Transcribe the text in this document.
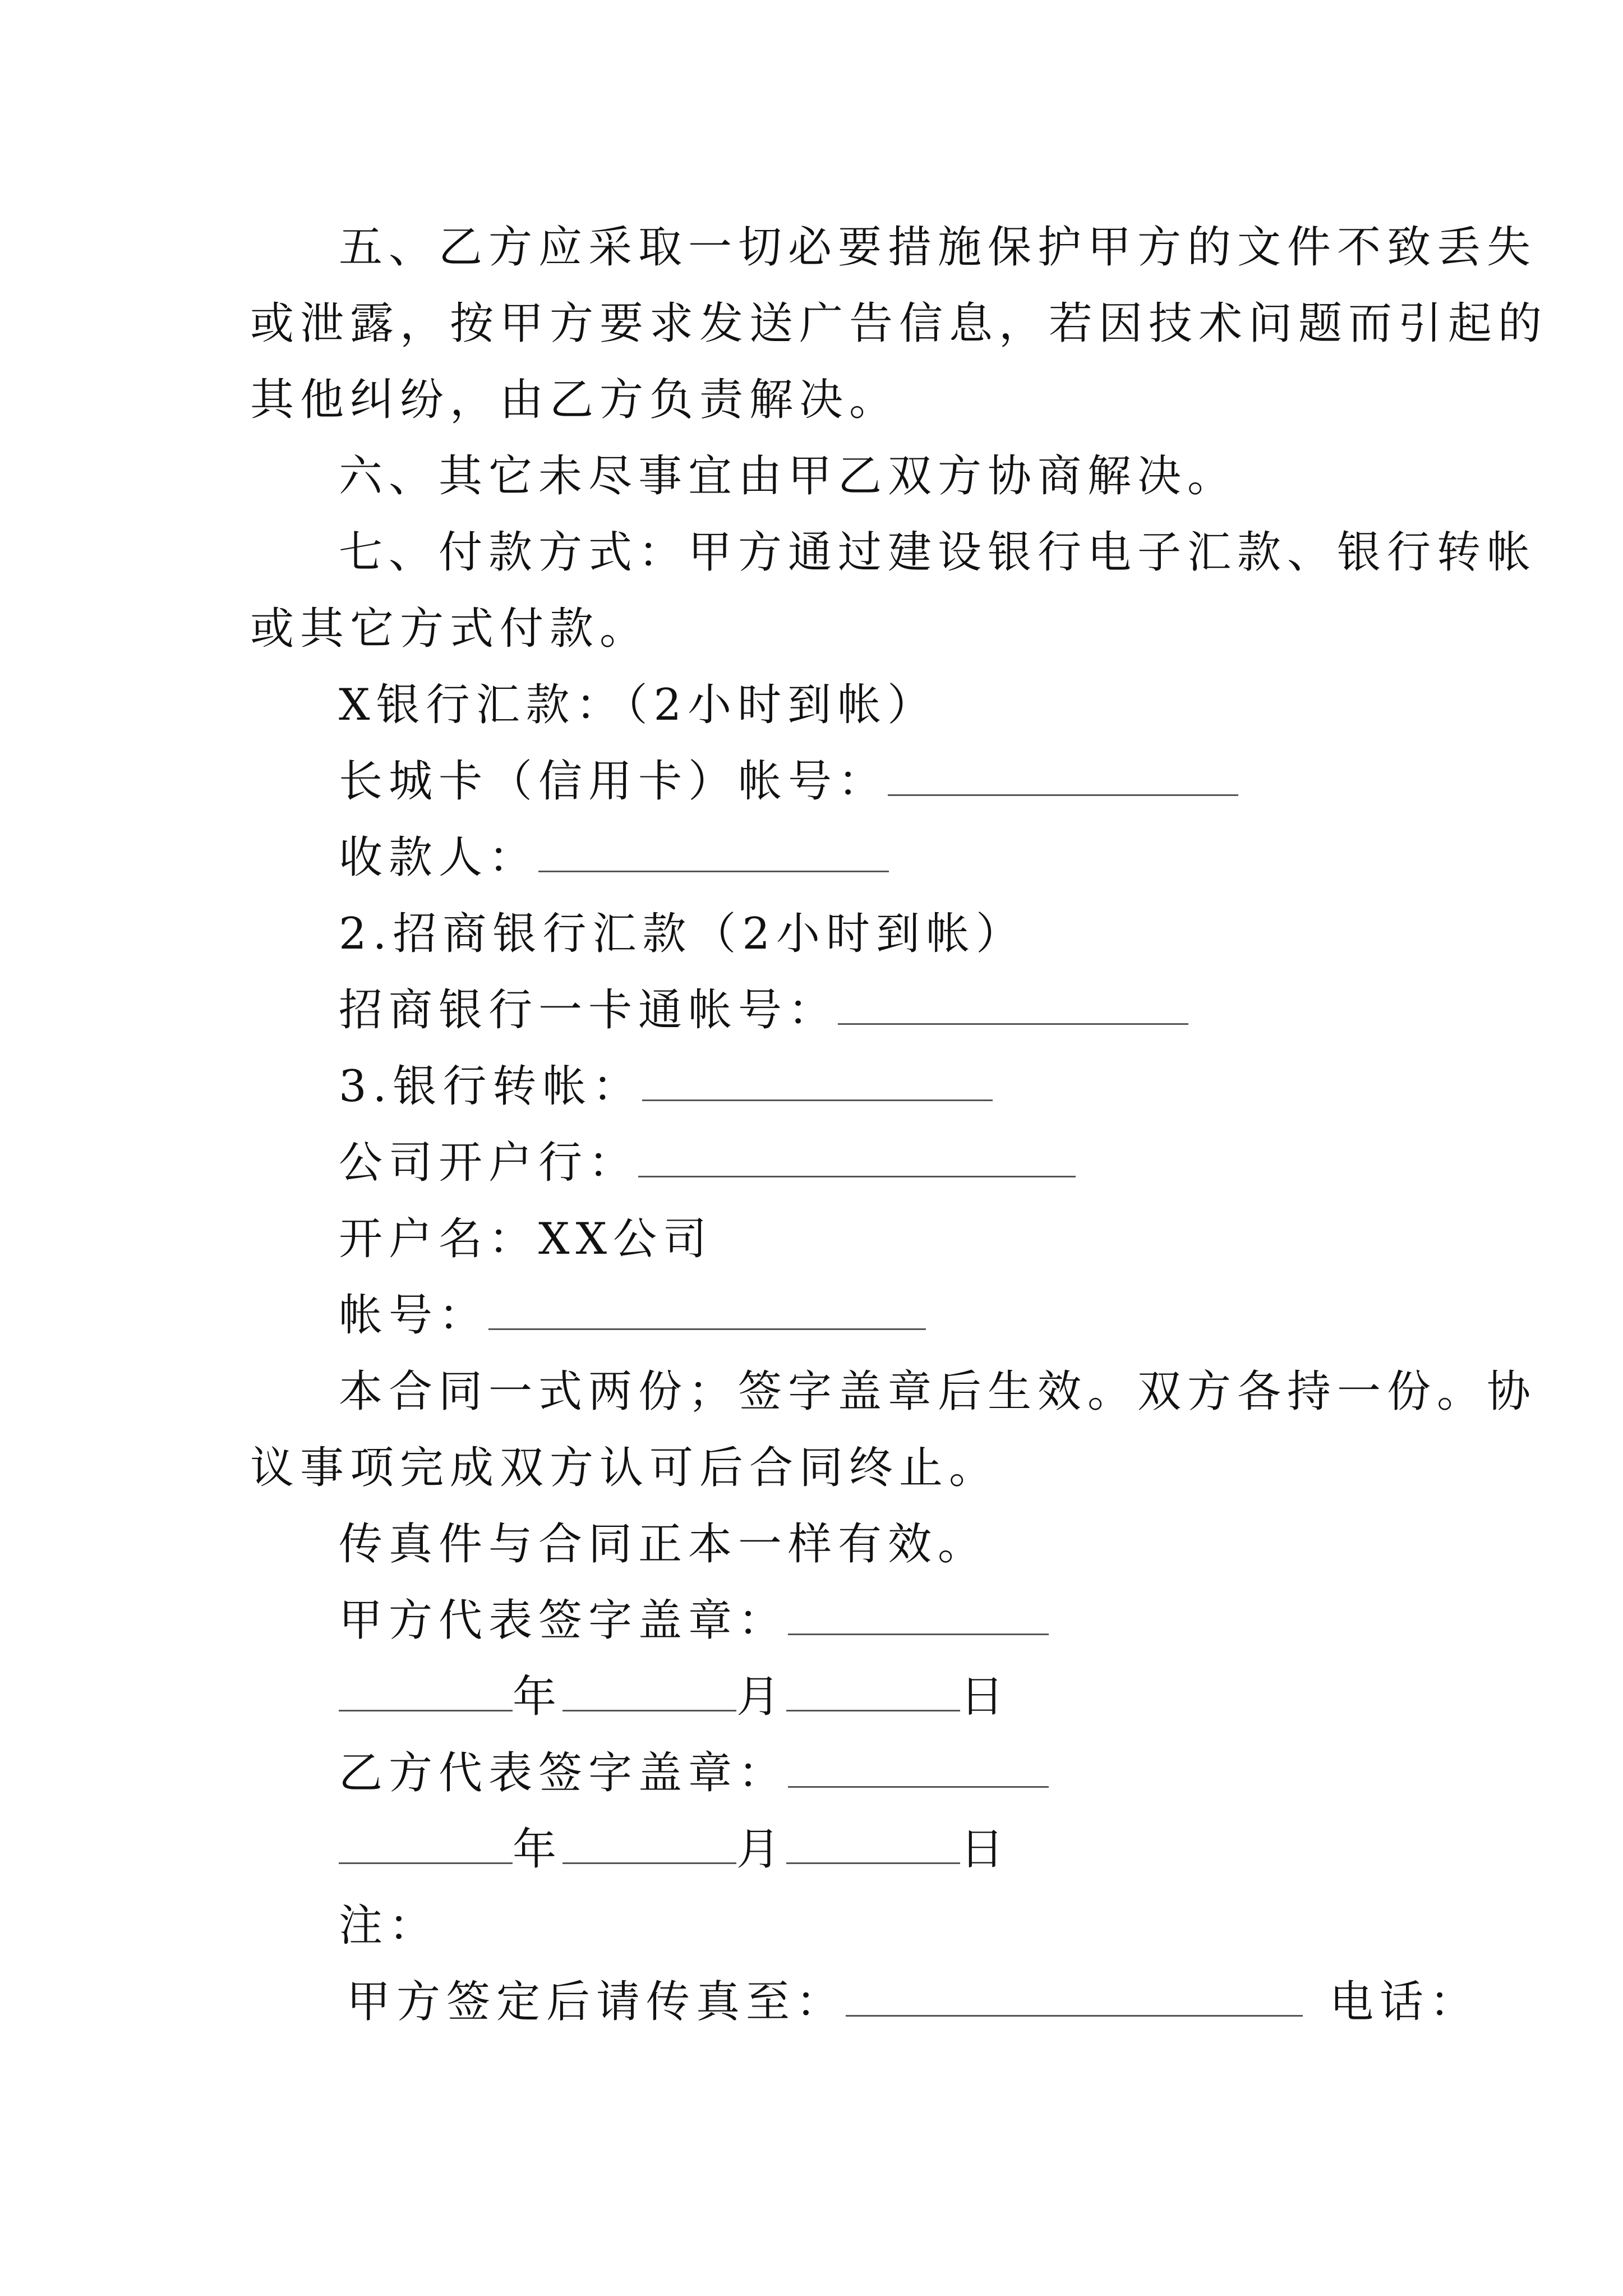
五、乙方应采取一切必要措施保护甲方的文件不致丢失
或泄露，按甲方要求发送广告信息，若因技术问题而引起的
其他纠纷，由乙方负责解决。
六、其它未尽事宜由甲乙双方协商解决。
七、付款方式：甲方通过建设银行电子汇款、银行转帐
或其它方式付款。
X银行汇款：（2小时到帐）
长城卡（信用卡）帐号：
收款人：
2.招商银行汇款（2小时到帐）
招商银行一卡通帐号：
3.银行转帐：
公司开户行：
开户名：XX公司
帐号：
本合同一式两份；签字盖章后生效。双方各持一份。协
议事项完成双方认可后合同终止。
传真件与合同正本一样有效。
甲方代表签字盖章：
年	月	日
乙方代表签字盖章：
年	月	日
注：
甲方签定后请传真至：	电话：
